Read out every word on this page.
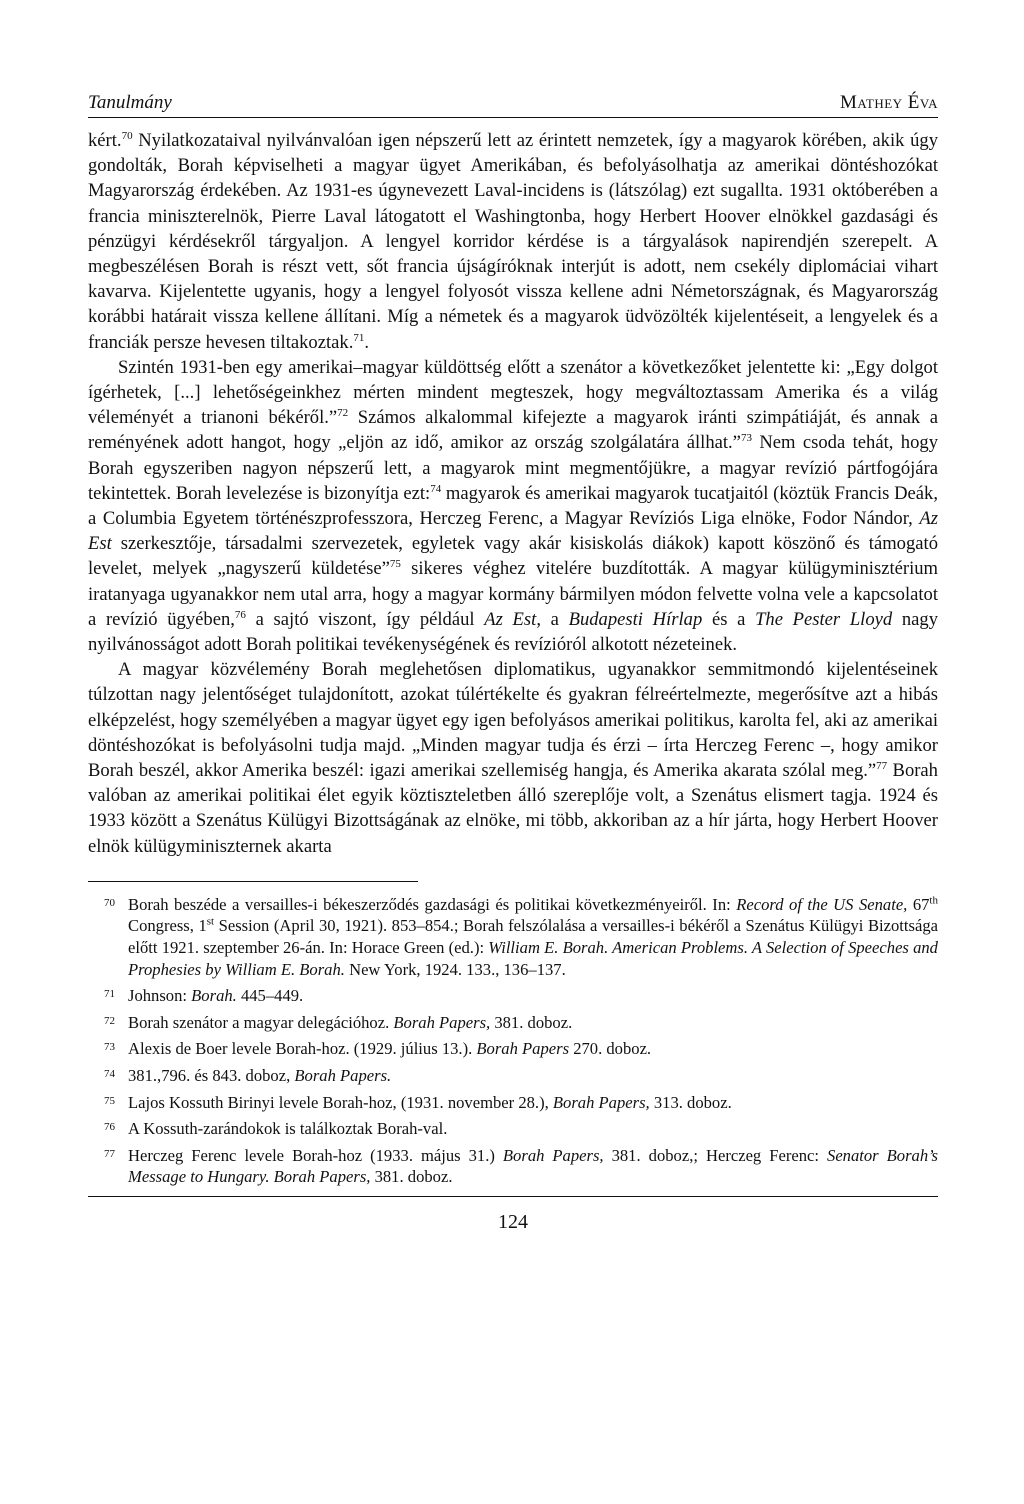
Tanulmány	Mathey Éva

kért.$^{70}$ Nyilatkozataival nyilvánvalóan igen népszerű lett az érintett nemzetek, így a magyarok körében, akik úgy gondolták, Borah képviselheti a magyar ügyet Amerikában, és befolyásolhatja az amerikai döntéshozókat Magyarország érdekében. Az 1931-es úgynevezett Laval-incidens is (látszólag) ezt sugallta. 1931 októberében a francia miniszterelnök, Pierre Laval látogatott el Washingtonba, hogy Herbert Hoover elnökkel gazdasági és pénzügyi kérdésekről tárgyaljon. A lengyel korridor kérdése is a tárgyalások napirendjén szerepelt. A megbeszélésen Borah is részt vett, sőt francia újságíróknak interjút is adott, nem csekély diplomáciai vihart kavarva. Kijelentette ugyanis, hogy a lengyel folyosót vissza kellene adni Németországnak, és Magyarország korábbi határait vissza kellene állítani. Míg a németek és a magyarok üdvözölték kijelentéseit, a lengyelek és a franciák persze hevesen tiltakoztak.$^{71}$.

Szintén 1931-ben egy amerikai–magyar küldöttség előtt a szenátor a következőket jelentette ki: „Egy dolgot ígérhetek, [...] lehetőségeinkhez mérten mindent megteszek, hogy megváltoztassam Amerika és a világ véleményét a trianoni békéről.”$^{72}$ Számos alkalommal kifejezte a magyarok iránti szimpátiáját, és annak a reményének adott hangot, hogy „eljön az idő, amikor az ország szolgálatára állhat.”$^{73}$ Nem csoda tehát, hogy Borah egyszeriben nagyon népszerű lett, a magyarok mint megmentőjükre, a magyar revízió pártfogójára tekintettek. Borah levelezése is bizonyítja ezt:$^{74}$ magyarok és amerikai magyarok tucatjaitól (köztük Francis Deák, a Columbia Egyetem történészprofesszora, Herczeg Ferenc, a Magyar Revíziós Liga elnöke, Fodor Nándor, Az Est szerkesztője, társadalmi szervezetek, egyletek vagy akár kisiskolás diákok) kapott köszönő és támogató levelet, melyek „nagyszerű küldetése”$^{75}$ sikeres véghez vitelére buzdították. A magyar külügyminisztérium iratanyaga ugyanakkor nem utal arra, hogy a magyar kormány bármilyen módon felvette volna vele a kapcsolatot a revízió ügyében,$^{76}$ a sajtó viszont, így például Az Est, a Budapesti Hírlap és a The Pester Lloyd nagy nyilvánosságot adott Borah politikai tevékenységének és revízióról alkotott nézeteinek.

A magyar közvélemény Borah meglehetősen diplomatikus, ugyanakkor semmitmondó kijelentéseinek túlzottan nagy jelentőséget tulajdonított, azokat túlértékelte és gyakran félreértelmezte, megerősítve azt a hibás elképzelést, hogy személyében a magyar ügyet egy igen befolyásos amerikai politikus, karolta fel, aki az amerikai döntéshozókat is befolyásolni tudja majd. „Minden magyar tudja és érzi – írta Herczeg Ferenc –, hogy amikor Borah beszél, akkor Amerika beszél: igazi amerikai szellemiség hangja, és Amerika akarata szólal meg.”$^{77}$ Borah valóban az amerikai politikai élet egyik köztiszteletben álló szereplője volt, a Szenátus elismert tagja. 1924 és 1933 között a Szenátus Külügyi Bizottságának az elnöke, mi több, akkoriban az a hír járta, hogy Herbert Hoover elnök külügyminiszternek akarta

70 Borah beszéde a versailles-i békeszerződés gazdasági és politikai következményeiről. In: Record of the US Senate, 67th Congress, 1st Session (April 30, 1921). 853–854.; Borah felszólalása a versailles-i békéről a Szenátus Külügyi Bizottsága előtt 1921. szeptember 26-án. In: Horace Green (ed.): William E. Borah. American Problems. A Selection of Speeches and Prophesies by William E. Borah. New York, 1924. 133., 136–137.
71 Johnson: Borah. 445–449.
72 Borah szenátor a magyar delegációhoz. Borah Papers, 381. doboz.
73 Alexis de Boer levele Borah-hoz. (1929. július 13.). Borah Papers 270. doboz.
74 381.,796. és 843. doboz, Borah Papers.
75 Lajos Kossuth Birinyi levele Borah-hoz, (1931. november 28.), Borah Papers, 313. doboz.
76 A Kossuth-zarándokok is találkoztak Borah-val.
77 Herczeg Ferenc levele Borah-hoz (1933. május 31.) Borah Papers, 381. doboz,; Herczeg Ferenc: Senator Borah’s Message to Hungary. Borah Papers, 381. doboz.
124
